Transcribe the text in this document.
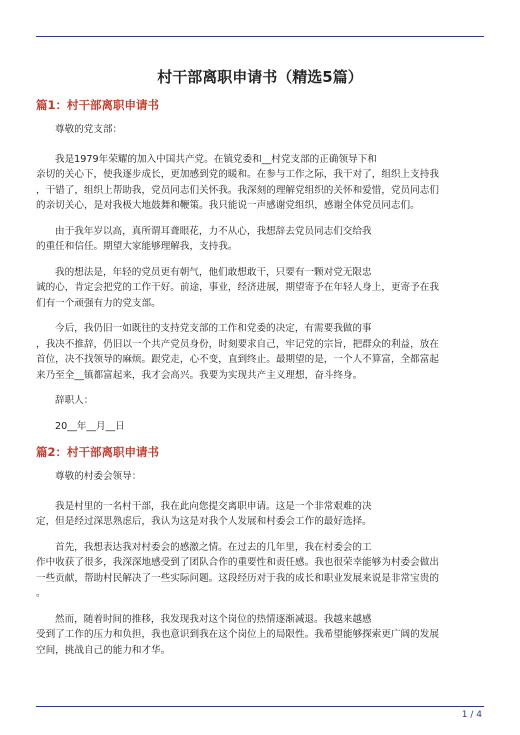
村干部离职申请书（精选5篇）
篇1：村干部离职申请书
尊敬的党支部：
我是1979年荣耀的加入中国共产党。在镇党委和__村党支部的正确领导下和
亲切的关心下，使我逐步成长，更加感到党的暖和。在参与工作之际，我干对了，组织上支持我
，干错了，组织上帮助我，党员同志们关怀我。我深刻的理解党组织的关怀和爱惜，党员同志们
的亲切关心，是对我极大地鼓舞和鞭策。我只能说一声感谢党组织，感谢全体党员同志们。
由于我年岁以高，真所谓耳聋眼花，力不从心，我想辞去党员同志们交给我
的重任和信任。期望大家能够理解我，支持我。
我的想法是，年轻的党员更有朝气，他们敢想敢干，只要有一颗对党无限忠
诚的心，肯定会把党的工作干好。前途，事业，经济进展，期望寄予在年轻人身上，更寄予在我
们有一个顽强有力的党支部。
今后，我仍旧一如既往的支持党支部的工作和党委的决定，有需要我做的事
，我决不推辞，仍旧以一个共产党员身份，时刻要求自己，牢记党的宗旨，把群众的利益，放在
首位，决不找领导的麻烦。跟党走，心不变，直到终止。最期望的是，一个人不算富，全都富起
来乃至全__镇都富起来，我才会高兴。我要为实现共产主义理想，奋斗终身。
辞职人：
20__年__月__日
篇2：村干部离职申请书
尊敬的村委会领导：
我是村里的一名村干部，我在此向您提交离职申请。这是一个非常艰难的决
定，但是经过深思熟虑后，我认为这是对我个人发展和村委会工作的最好选择。
首先，我想表达我对村委会的感激之情。在过去的几年里，我在村委会的工
作中收获了很多，我深深地感受到了团队合作的重要性和责任感。我也很荣幸能够为村委会做出
一些贡献，帮助村民解决了一些实际问题。这段经历对于我的成长和职业发展来说是非常宝贵的
。
然而，随着时间的推移，我发现我对这个岗位的热情逐渐减退。我越来越感
受到了工作的压力和负担，我也意识到我在这个岗位上的局限性。我希望能够探索更广阔的发展
空间，挑战自己的能力和才华。
1 / 4
